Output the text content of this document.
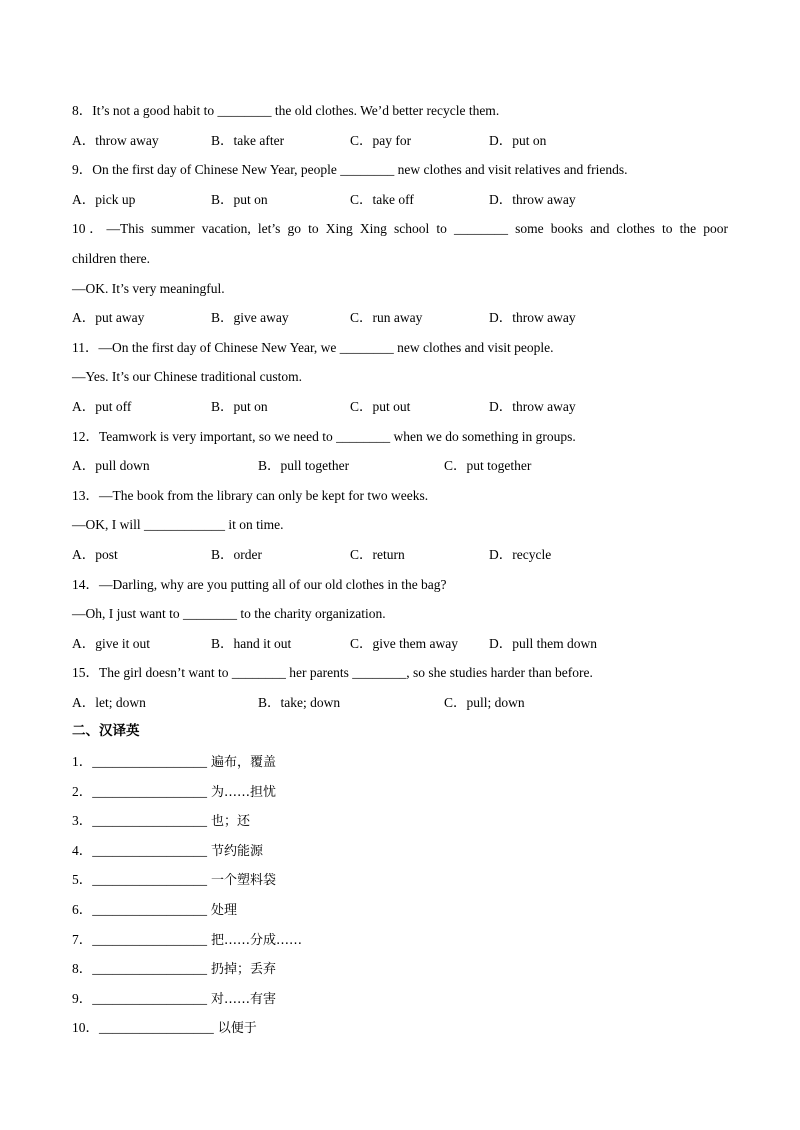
8．It’s not a good habit to ________ the old clothes. We’d better recycle them.
A．throw away	B．take after	C．pay for	D．put on
9．On the first day of Chinese New Year, people ________ new clothes and visit relatives and friends.
A．pick up	B．put on	C．take off	D．throw away
10．—This summer vacation, let’s go to Xing Xing school to ________ some books and clothes to the poor
children there.
—OK. It’s very meaningful.
A．put away	B．give away	C．run away	D．throw away
11．—On the first day of Chinese New Year, we ________ new clothes and visit people.
—Yes. It’s our Chinese traditional custom.
A．put off	B．put on	C．put out	D．throw away
12．Teamwork is very important, so we need to ________ when we do something in groups.
A．pull down	B．pull together	C．put together
13．—The book from the library can only be kept for two weeks.
—OK, I will ____________ it on time.
A．post	B．order	C．return	D．recycle
14．—Darling, why are you putting all of our old clothes in the bag?
—Oh, I just want to ________ to the charity organization.
A．give it out	B．hand it out	C．give them away	D．pull them down
15．The girl doesn’t want to ________ her parents ________, so she studies harder than before.
A．let; down	B．take; down	C．pull; down
二、汉译英
1．_________________ 遍布，覆盖
2．_________________ 为……担忧
3．_________________ 也；还
4．_________________ 节约能源
5．_________________ 一个塑料袋
6．_________________ 处理
7．_________________ 把……分成……
8．_________________ 扔掉；丢弃
9．_________________ 对……有害
10．_________________ 以便于
